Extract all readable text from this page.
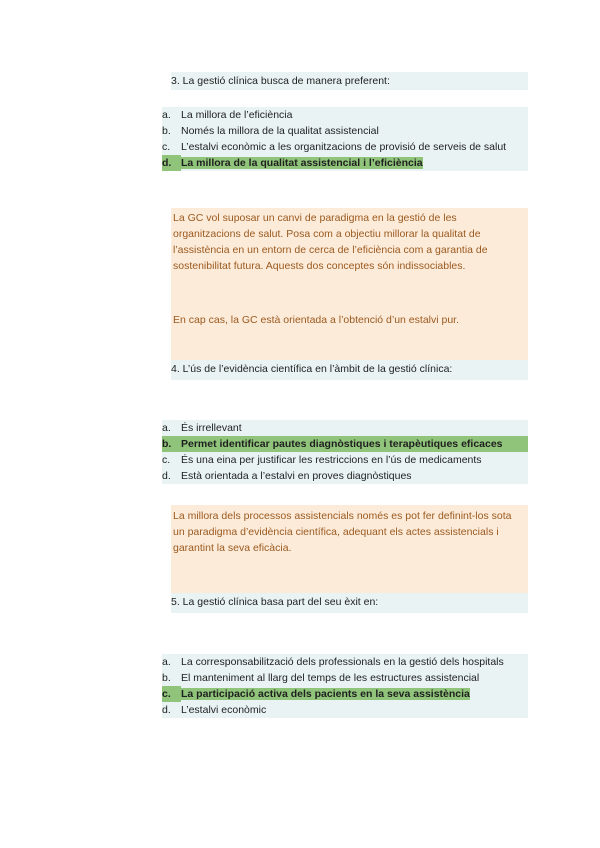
3. La gestió clínica busca de manera preferent:
a. La millora de l’eficiència
b. Només la millora de la qualitat assistencial
c.	L’estalvi econòmic a les organitzacions de provisió de serveis de salut
d. La millora de la qualitat assistencial i l’eficiència

La GC vol suposar un canvi de paradigma en la gestió de les organitzacions de salut. Posa com a objectiu millorar la qualitat de l’assistència en un entorn de cerca de l’eficiència com a garantia de sostenibilitat futura. Aquests dos conceptes són indissociables.

En cap cas, la GC està orientada a l’obtenció d’un estalvi pur.

4. L’ús de l’evidència científica en l’àmbit de la gestió clínica:
a. És irrellevant
b. Permet identificar pautes diagnòstiques i terapèutiques eficaces
c.	És una eina per justificar les restriccions en l’ús de medicaments
d. Està orientada a l’estalvi en proves diagnòstiques

La millora dels processos assistencials només es pot fer definint-los sota un paradigma d’evidència científica, adequant els actes assistencials i garantint la seva eficàcia.

5. La gestió clínica basa part del seu èxit en:
a. La corresponsabilització dels professionals en la gestió dels hospitals
b. El manteniment al llarg del temps de les estructures assistencial
c. La participació activa dels pacients en la seva assistència
d. L’estalvi econòmic
